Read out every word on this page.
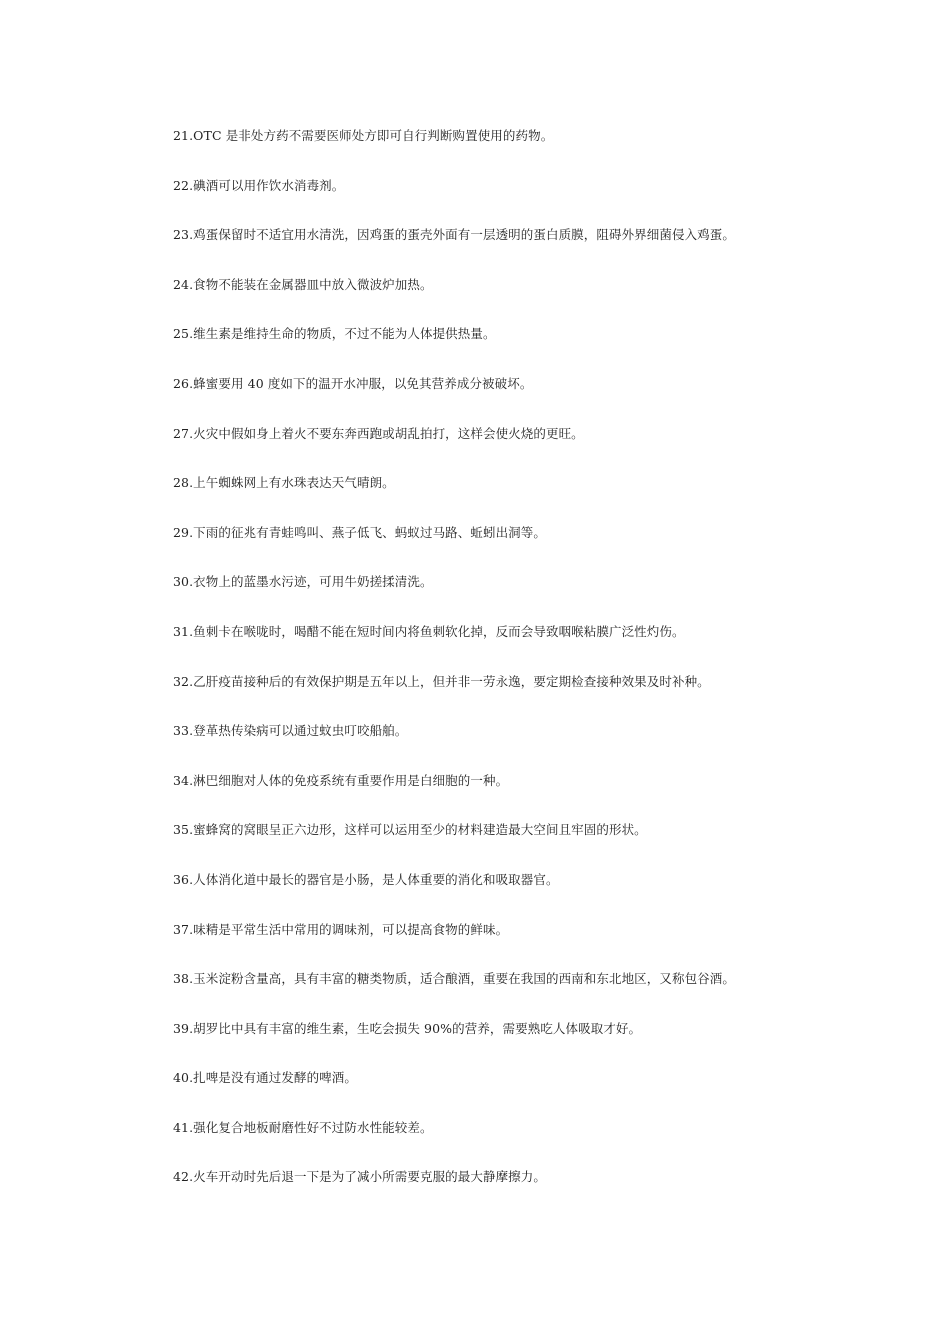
21.OTC 是非处方药不需要医师处方即可自行判断购置使用的药物。

22.碘酒可以用作饮水消毒剂。

23.鸡蛋保留时不适宜用水清洗，因鸡蛋的蛋壳外面有一层透明的蛋白质膜，阻碍外界细菌侵入鸡蛋。

24.食物不能装在金属器皿中放入微波炉加热。

25.维生素是维持生命的物质，不过不能为人体提供热量。

26.蜂蜜要用 40 度如下的温开水冲服，以免其营养成分被破坏。

27.火灾中假如身上着火不要东奔西跑或胡乱拍打，这样会使火烧的更旺。

28.上午蜘蛛网上有水珠表达天气晴朗。

29.下雨的征兆有青蛙鸣叫、燕子低飞、蚂蚁过马路、蚯蚓出洞等。

30.衣物上的蓝墨水污迹，可用牛奶搓揉清洗。

31.鱼刺卡在喉咙时，喝醋不能在短时间内将鱼刺软化掉，反而会导致咽喉粘膜广泛性灼伤。

32.乙肝疫苗接种后的有效保护期是五年以上，但并非一劳永逸，要定期检查接种效果及时补种。

33.登革热传染病可以通过蚊虫叮咬船舶。

34.淋巴细胞对人体的免疫系统有重要作用是白细胞的一种。

35.蜜蜂窝的窝眼呈正六边形，这样可以运用至少的材料建造最大空间且牢固的形状。

36.人体消化道中最长的器官是小肠，是人体重要的消化和吸取器官。

37.味精是平常生活中常用的调味剂，可以提高食物的鲜味。

38.玉米淀粉含量高，具有丰富的糖类物质，适合酿酒，重要在我国的西南和东北地区，又称包谷酒。

39.胡罗比中具有丰富的维生素，生吃会损失 90%的营养，需要熟吃人体吸取才好。

40.扎啤是没有通过发酵的啤酒。

41.强化复合地板耐磨性好不过防水性能较差。

42.火车开动时先后退一下是为了减小所需要克服的最大静摩擦力。
